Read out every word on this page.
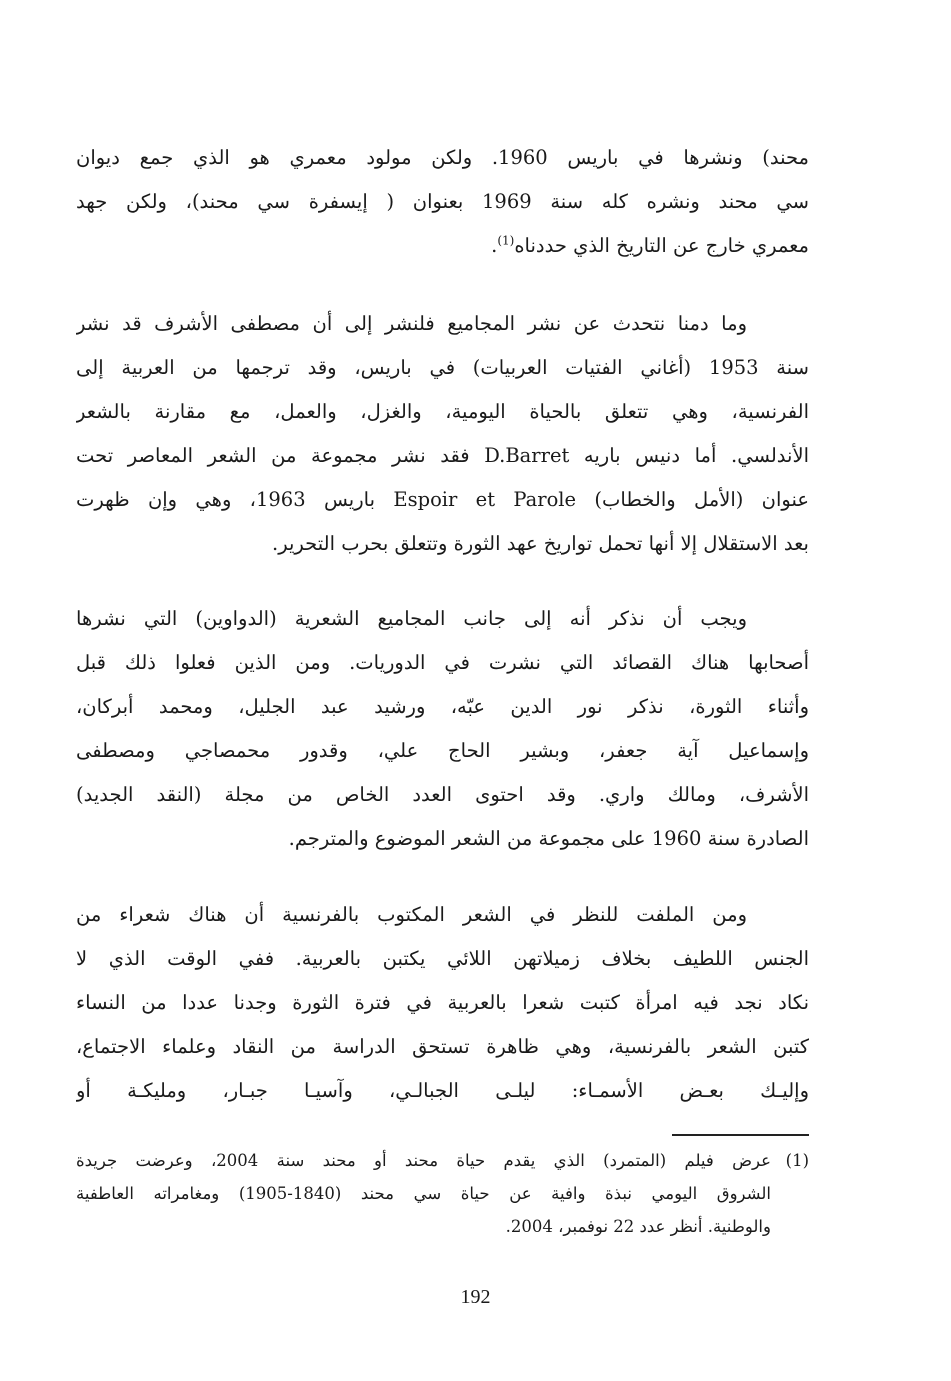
محند) ونشرها في باريس 1960. ولكن مولود معمري هو الذي جمع ديوان
سي محند ونشره كله سنة 1969 بعنوان ( إيسفرة سي محند)، ولكن جهد
معمري خارج عن التاريخ الذي حددناه$^{(1)}$.
وما دمنا نتحدث عن نشر المجاميع فلنشر إلى أن مصطفى الأشرف قد نشر
سنة 1953 (أغاني الفتيات العربيات) في باريس، وقد ترجمها من العربية إلى
الفرنسية، وهي تتعلق بالحياة اليومية، والغزل، والعمل، مع مقارنة بالشعر
الأندلسي. أما دنيس باريه D.Barret فقد نشر مجموعة من الشعر المعاصر تحت
عنوان (الأمل والخطاب) Espoir et Parole باريس 1963، وهي وإن ظهرت
بعد الاستقلال إلا أنها تحمل تواريخ عهد الثورة وتتعلق بحرب التحرير.
ويجب أن نذكر أنه إلى جانب المجاميع الشعرية (الدواوين) التي نشرها
أصحابها هناك القصائد التي نشرت في الدوريات. ومن الذين فعلوا ذلك قبل
وأثناء الثورة، نذكر نور الدين عبّه، ورشيد عبد الجليل، ومحمد أبركان،
وإسماعيل آية جعفر، وبشير الحاج علي، وقدور محمصاجي ومصطفى
الأشرف، ومالك واري. وقد احتوى العدد الخاص من مجلة (النقد الجديد)
الصادرة سنة 1960 على مجموعة من الشعر الموضوع والمترجم.
ومن الملفت للنظر في الشعر المكتوب بالفرنسية أن هناك شعراء من
الجنس اللطيف بخلاف زميلاتهن اللائي يكتبن بالعربية. ففي الوقت الذي لا
نكاد نجد فيه امرأة كتبت شعرا بالعربية في فترة الثورة وجدنا عددا من النساء
كتبن الشعر بالفرنسية، وهي ظاهرة تستحق الدراسة من النقاد وعلماء الاجتماع،
وإليـك بعـض الأسمـاء: ليلـى الجبالـي، وآسيـا جبـار، ومليكـة أو
(1)عرض فيلم (المتمرد) الذي يقدم حياة محند أو محند سنة 2004، وعرضت جريدة
الشروق اليومي نبذة وافية عن حياة سي محند (1840-1905) ومغامراته العاطفية
والوطنية. أنظر عدد 22 نوفمبر، 2004.
192
